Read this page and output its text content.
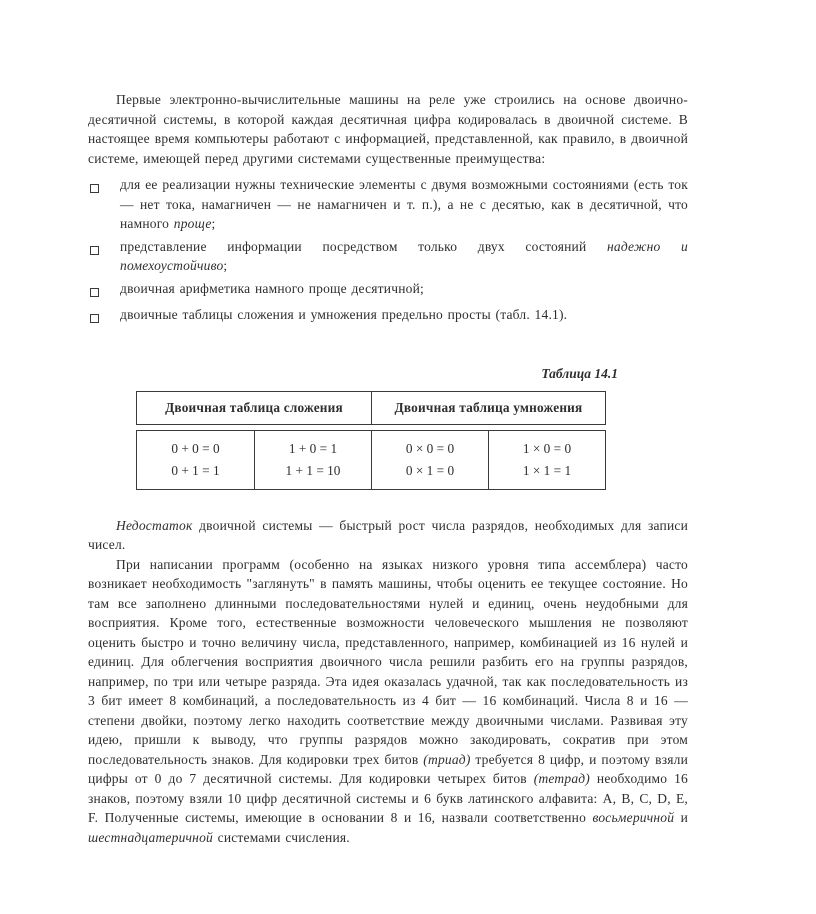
Первые электронно-вычислительные машины на реле уже строились на основе двоично-десятичной системы, в которой каждая десятичная цифра кодировалась в двоичной системе. В настоящее время компьютеры работают с информацией, представленной, как правило, в двоичной системе, имеющей перед другими системами существенные преимущества:

для ее реализации нужны технические элементы с двумя возможными состояниями (есть ток — нет тока, намагничен — не намагничен и т. п.), а не с десятью, как в десятичной, что намного проще;
представление информации посредством только двух состояний надежно и помехоустойчиво;
двоичная арифметика намного проще десятичной;
двоичные таблицы сложения и умножения предельно просты (табл. 14.1).
Таблица 14.1
Двоичная таблица сложения	Двоичная таблица умножения
0 + 0 = 0
0 + 1 = 1
1 + 0 = 1
1 + 1 = 10
0 × 0 = 0
0 × 1 = 0
1 × 0 = 0
1 × 1 = 1

Недостаток двоичной системы — быстрый рост числа разрядов, необходимых для записи чисел.

При написании программ (особенно на языках низкого уровня типа ассемблера) часто возникает необходимость "заглянуть" в память машины, чтобы оценить ее текущее состояние. Но там все заполнено длинными последовательностями нулей и единиц, очень неудобными для восприятия. Кроме того, естественные возможности человеческого мышления не позволяют оценить быстро и точно величину числа, представленного, например, комбинацией из 16 нулей и единиц. Для облегчения восприятия двоичного числа решили разбить его на группы разрядов, например, по три или четыре разряда. Эта идея оказалась удачной, так как последовательность из 3 бит имеет 8 комбинаций, а последовательность из 4 бит — 16 комбинаций. Числа 8 и 16 — степени двойки, поэтому легко находить соответствие между двоичными числами. Развивая эту идею, пришли к выводу, что группы разрядов можно закодировать, сократив при этом последовательность знаков. Для кодировки трех битов (триад) требуется 8 цифр, и поэтому взяли цифры от 0 до 7 десятичной системы. Для кодировки четырех битов (тетрад) необходимо 16 знаков, поэтому взяли 10 цифр десятичной системы и 6 букв латинского алфавита: A, B, C, D, E, F. Полученные системы, имеющие в основании 8 и 16, назвали соответственно восьмеричной и шестнадцатеричной системами счисления.
